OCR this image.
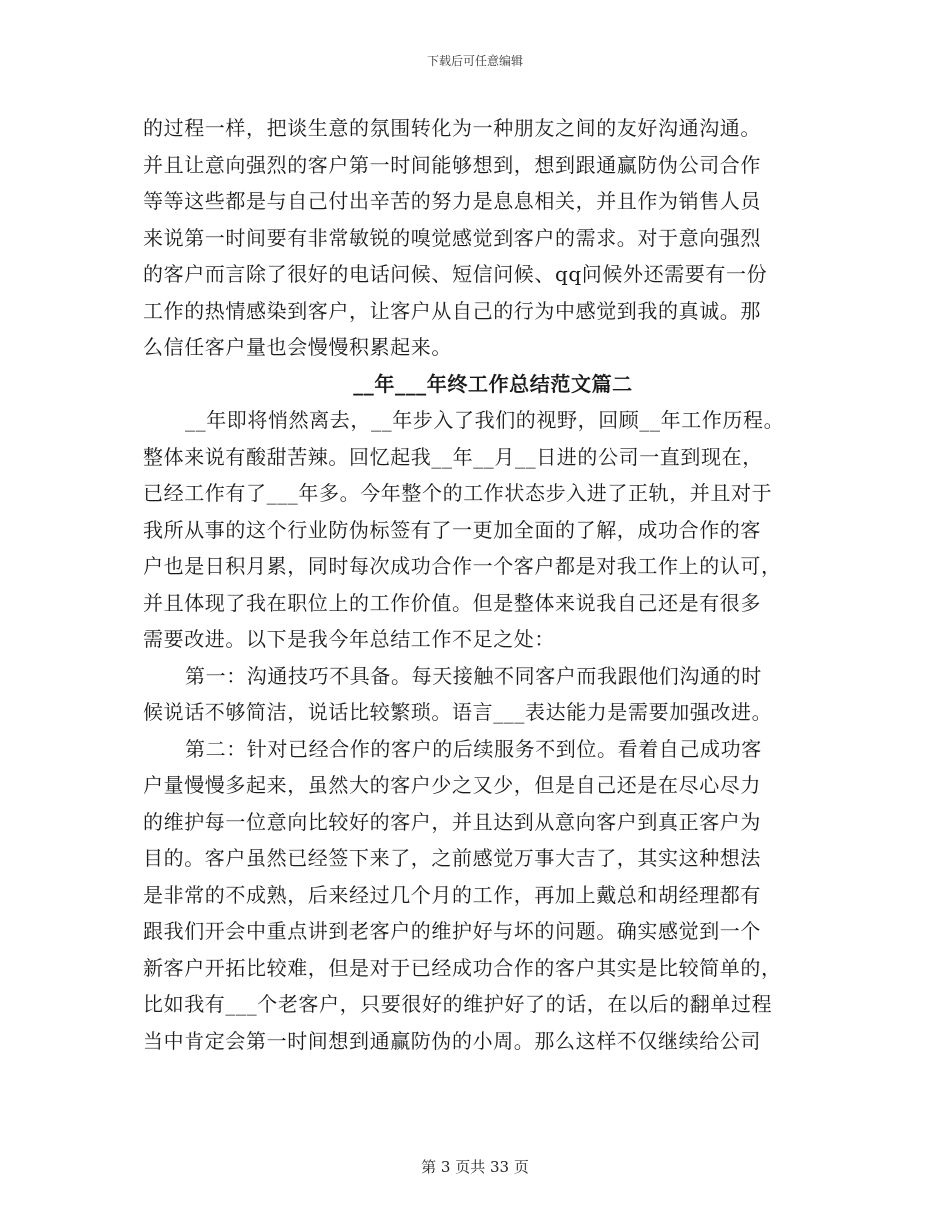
下载后可任意编辑
的过程一样，把谈生意的氛围转化为一种朋友之间的友好沟通沟通。
并且让意向强烈的客户第一时间能够想到，想到跟通赢防伪公司合作
等等这些都是与自己付出辛苦的努力是息息相关，并且作为销售人员
来说第一时间要有非常敏锐的嗅觉感觉到客户的需求。对于意向强烈
的客户而言除了很好的电话问候、短信问候、qq问候外还需要有一份
工作的热情感染到客户，让客户从自己的行为中感觉到我的真诚。那
么信任客户量也会慢慢积累起来。
__年___年终工作总结范文篇二
__年即将悄然离去，__年步入了我们的视野，回顾__年工作历程。
整体来说有酸甜苦辣。回忆起我__年__月__日进的公司一直到现在，
已经工作有了___年多。今年整个的工作状态步入进了正轨，并且对于
我所从事的这个行业防伪标签有了一更加全面的了解，成功合作的客
户也是日积月累，同时每次成功合作一个客户都是对我工作上的认可，
并且体现了我在职位上的工作价值。但是整体来说我自己还是有很多
需要改进。以下是我今年总结工作不足之处：
第一：沟通技巧不具备。每天接触不同客户而我跟他们沟通的时
候说话不够简洁，说话比较繁琐。语言___表达能力是需要加强改进。
第二：针对已经合作的客户的后续服务不到位。看着自己成功客
户量慢慢多起来，虽然大的客户少之又少，但是自己还是在尽心尽力
的维护每一位意向比较好的客户，并且达到从意向客户到真正客户为
目的。客户虽然已经签下来了，之前感觉万事大吉了，其实这种想法
是非常的不成熟，后来经过几个月的工作，再加上戴总和胡经理都有
跟我们开会中重点讲到老客户的维护好与坏的问题。确实感觉到一个
新客户开拓比较难，但是对于已经成功合作的客户其实是比较简单的，
比如我有___个老客户，只要很好的维护好了的话，在以后的翻单过程
当中肯定会第一时间想到通赢防伪的小周。那么这样不仅继续给公司
第 3 页共 33 页
